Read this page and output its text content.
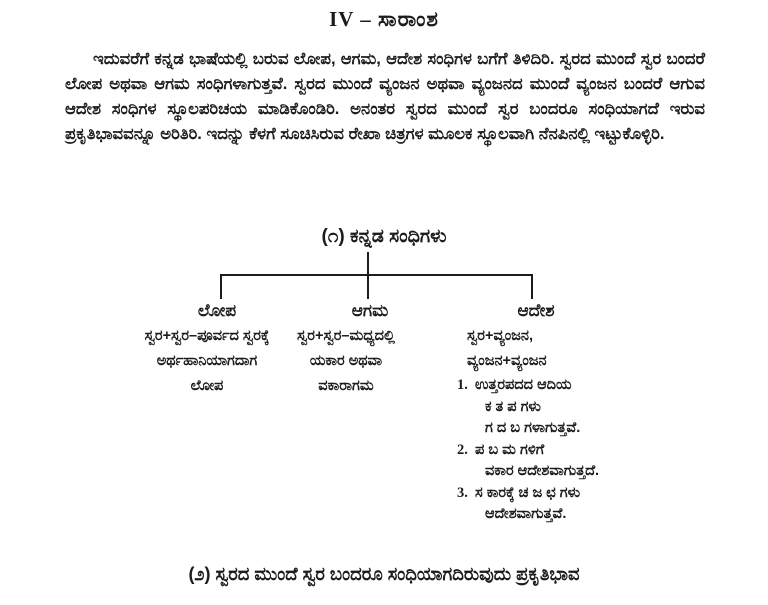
IV – ಸಾರಾಂಶ

ಇದುವರೆಗೆ ಕನ್ನಡ ಭಾಷೆಯಲ್ಲಿ ಬರುವ ಲೋಪ, ಆಗಮ, ಆದೇಶ ಸಂಧಿಗಳ ಬಗೆಗೆ ತಿಳಿದಿರಿ. ಸ್ವರದ ಮುಂದೆ ಸ್ವರ ಬಂದರೆ ಲೋಪ ಅಥವಾ ಆಗಮ ಸಂಧಿಗಳಾಗುತ್ತವೆ. ಸ್ವರದ ಮುಂದೆ ವ್ಯಂಜನ ಅಥವಾ ವ್ಯಂಜನದ ಮುಂದೆ ವ್ಯಂಜನ ಬಂದರೆ ಆಗುವ ಆದೇಶ ಸಂಧಿಗಳ ಸ್ಥೂಲಪರಿಚಯ ಮಾಡಿಕೊಂಡಿರಿ. ಅನಂತರ ಸ್ವರದ ಮುಂದೆ ಸ್ವರ ಬಂದರೂ ಸಂಧಿಯಾಗದೆ ಇರುವ ಪ್ರಕೃತಿಭಾವವನ್ನೂ ಅರಿತಿರಿ. ಇದನ್ನು ಕೆಳಗೆ ಸೂಚಿಸಿರುವ ರೇಖಾ ಚಿತ್ರಗಳ ಮೂಲಕ ಸ್ಥೂಲವಾಗಿ ನೆನಪಿನಲ್ಲಿ ಇಟ್ಟುಕೊಳ್ಳಿರಿ.

(೧) ಕನ್ನಡ ಸಂಧಿಗಳು
ಲೋಪ	ಆಗಮ	ಆದೇಶ
ಸ್ವರ+ಸ್ವರ–ಪೂರ್ವದ ಸ್ವರಕ್ಕೆ
ಅರ್ಥಹಾನಿಯಾಗದಾಗ
ಲೋಪ
ಸ್ವರ+ಸ್ವರ–ಮಧ್ಯದಲ್ಲಿ
ಯಕಾರ ಅಥವಾ
ವಕಾರಾಗಮ
ಸ್ವರ+ವ್ಯಂಜನ,
ವ್ಯಂಜನ+ವ್ಯಂಜನ
1. ಉತ್ತರಪದದ ಆದಿಯ
ಕ ತ ಪ ಗಳು
ಗ ದ ಬ ಗಳಾಗುತ್ತವೆ.
2. ಪ ಬ ಮ ಗಳಿಗೆ
ವಕಾರ ಆದೇಶವಾಗುತ್ತದೆ.
3. ಸ ಕಾರಕ್ಕೆ ಚ ಜ ಛ ಗಳು
ಆದೇಶವಾಗುತ್ತವೆ.
(೨) ಸ್ವರದ ಮುಂದೆ ಸ್ವರ ಬಂದರೂ ಸಂಧಿಯಾಗದಿರುವುದು ಪ್ರಕೃತಿಭಾವ
